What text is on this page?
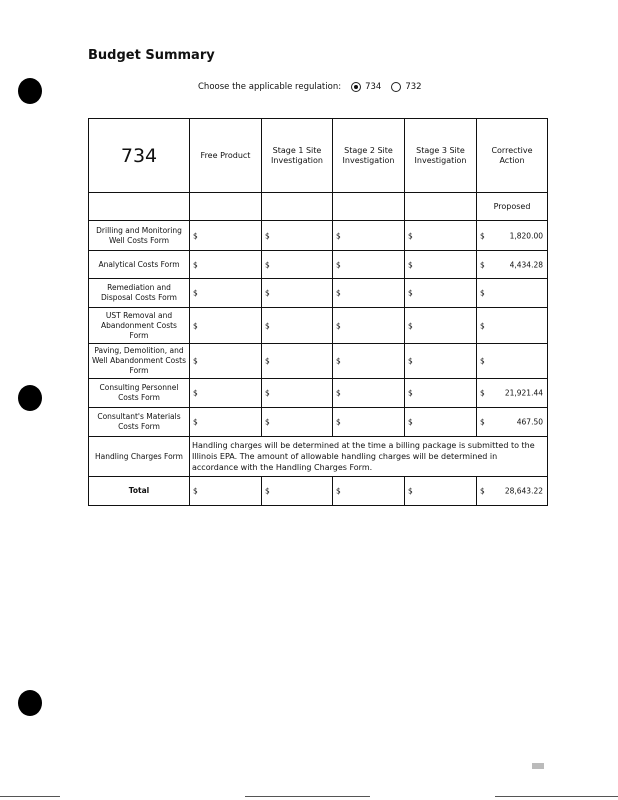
Budget Summary
Choose the applicable regulation:	734	732
734	Free Product	Stage 1 Site Investigation	Stage 2 Site Investigation	Stage 3 Site Investigation	Corrective Action
					Proposed
Drilling and Monitoring Well Costs Form	$	$	$	$	$ 1,820.00

Analytical Costs Form	$	$	$	$	$ 4,434.28

Remediation and Disposal Costs Form	$	$	$	$	$

UST Removal and Abandonment Costs Form	$	$	$	$	$

Paving, Demolition, and Well Abandonment Costs Form	$	$	$	$	$

Consulting Personnel Costs Form	$	$	$	$	$ 21,921.44

Consultant's Materials Costs Form	$	$	$	$	$ 467.50

Handling Charges Form	Handling charges will be determined at the time a billing package is submitted to the Illinois EPA. The amount of allowable handling charges will be determined in accordance with the Handling Charges Form.				
Total	$	$	$	$	$ 28,643.22
